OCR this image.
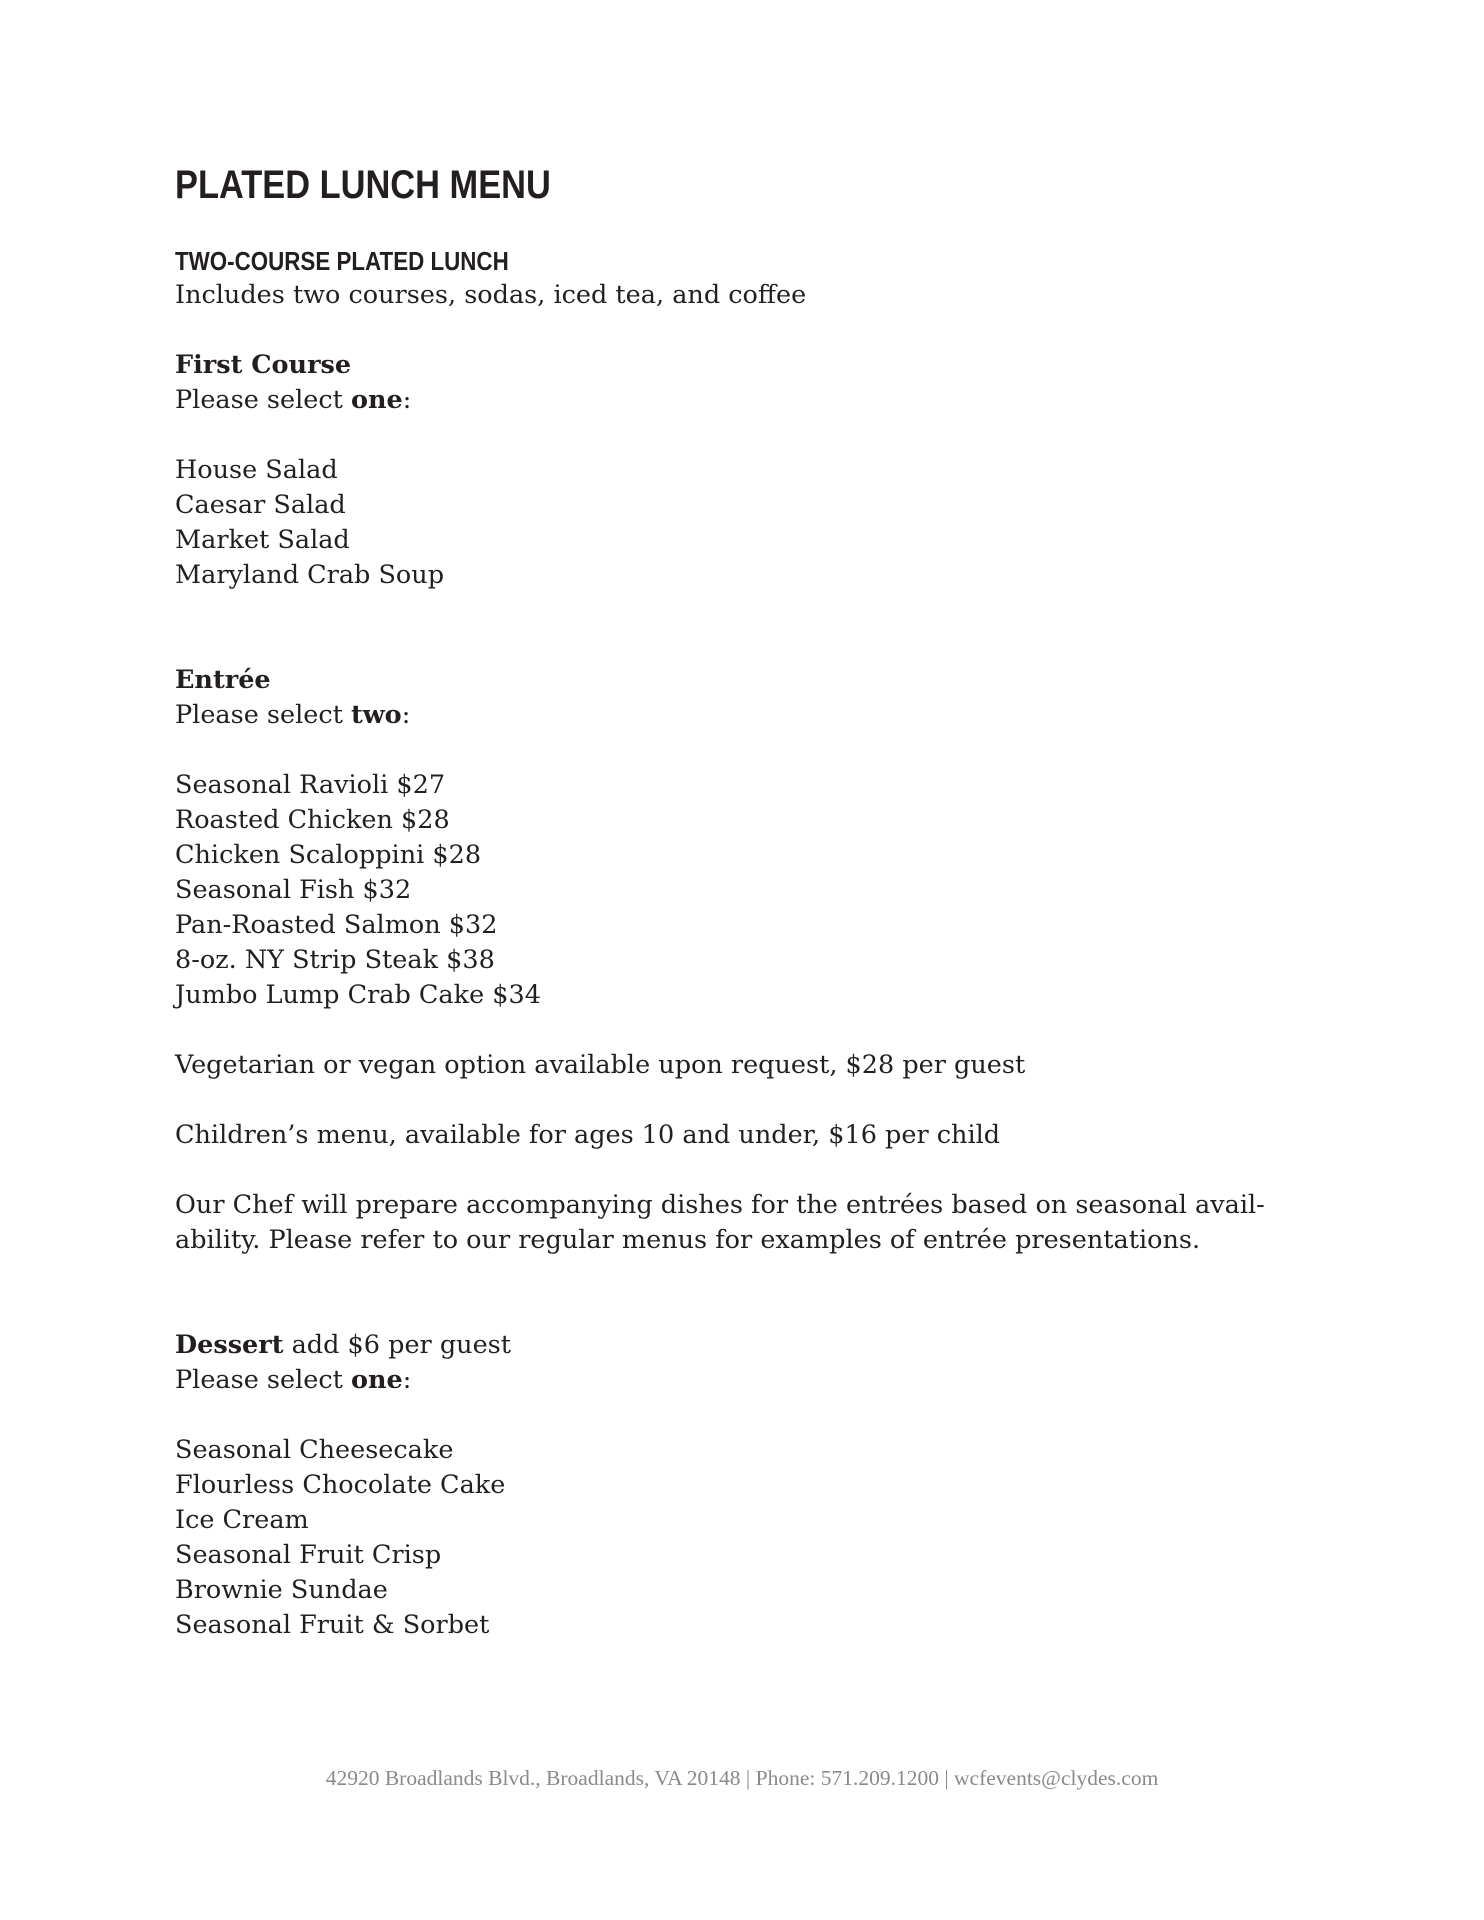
PLATED LUNCH MENU
TWO-COURSE PLATED LUNCH
Includes two courses, sodas, iced tea, and coffee
First Course
Please select one:
House Salad
Caesar Salad
Market Salad
Maryland Crab Soup
Entrée
Please select two:
Seasonal Ravioli $27
Roasted Chicken $28
Chicken Scaloppini $28
Seasonal Fish $32
Pan-Roasted Salmon $32
8-oz. NY Strip Steak $38
Jumbo Lump Crab Cake $34
Vegetarian or vegan option available upon request, $28 per guest
Children’s menu, available for ages 10 and under, $16 per child
Our Chef will prepare accompanying dishes for the entrées based on seasonal avail-
ability. Please refer to our regular menus for examples of entrée presentations.
Dessert add $6 per guest
Please select one:
Seasonal Cheesecake
Flourless Chocolate Cake
Ice Cream
Seasonal Fruit Crisp
Brownie Sundae
Seasonal Fruit & Sorbet
42920 Broadlands Blvd., Broadlands, VA 20148 | Phone: 571.209.1200 | wcfevents@clydes.com
